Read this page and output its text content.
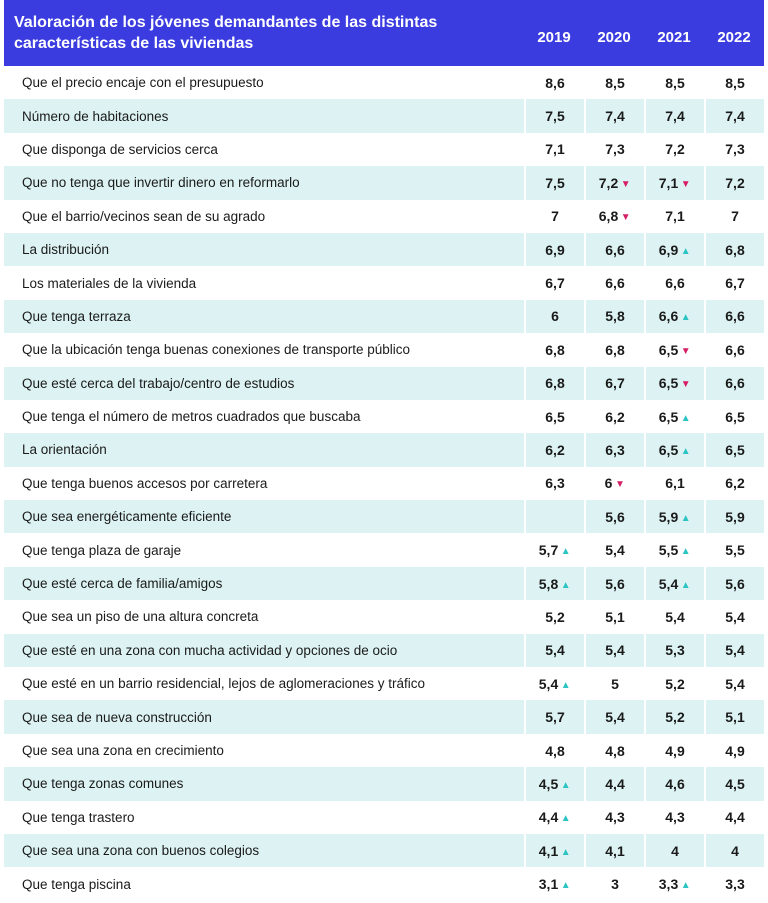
Valoración de los jóvenes demandantes de las distintas
características de las viviendas	2019	2020	2021	2022
Que el precio encaje con el presupuesto	8,6	8,5	8,5	8,5
Número de habitaciones	7,5	7,4	7,4	7,4
Que disponga de servicios cerca	7,1	7,3	7,2	7,3
Que no tenga que invertir dinero en reformarlo	7,5	7,2 ▼	7,1 ▼	7,2
Que el barrio/vecinos sean de su agrado	7	6,8 ▼	7,1	7
La distribución	6,9	6,6	6,9 ▲	6,8
Los materiales de la vivienda	6,7	6,6	6,6	6,7
Que tenga terraza	6	5,8	6,6 ▲	6,6
Que la ubicación tenga buenas conexiones de transporte público	6,8	6,8	6,5 ▼	6,6
Que esté cerca del trabajo/centro de estudios	6,8	6,7	6,5 ▼	6,6
Que tenga el número de metros cuadrados que buscaba	6,5	6,2	6,5 ▲	6,5
La orientación	6,2	6,3	6,5 ▲	6,5
Que tenga buenos accesos por carretera	6,3	6 ▼	6,1	6,2
Que sea energéticamente eficiente		5,6	5,9 ▲	5,9
Que tenga plaza de garaje	5,7 ▲	5,4	5,5 ▲	5,5
Que esté cerca de familia/amigos	5,8 ▲	5,6	5,4 ▲	5,6
Que sea un piso de una altura concreta	5,2	5,1	5,4	5,4
Que esté en una zona con mucha actividad y opciones de ocio	5,4	5,4	5,3	5,4
Que esté en un barrio residencial, lejos de aglomeraciones y tráfico	5,4 ▲	5	5,2	5,4
Que sea de nueva construcción	5,7	5,4	5,2	5,1
Que sea una zona en crecimiento	4,8	4,8	4,9	4,9
Que tenga zonas comunes	4,5 ▲	4,4	4,6	4,5
Que tenga trastero	4,4 ▲	4,3	4,3	4,4
Que sea una zona con buenos colegios	4,1 ▲	4,1	4	4
Que tenga piscina	3,1 ▲	3	3,3 ▲	3,3
